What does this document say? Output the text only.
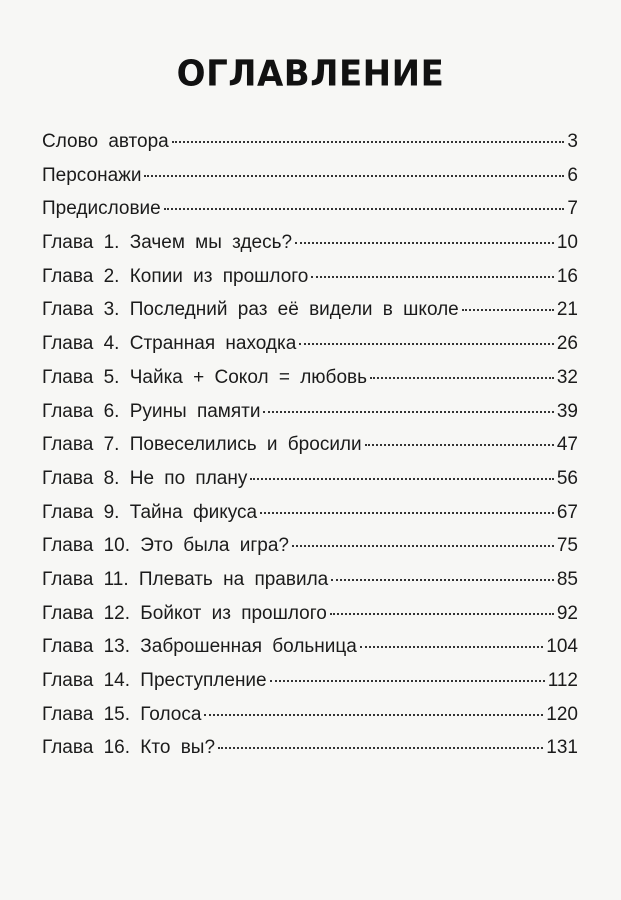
ОГЛАВЛЕНИЕ
Слово автора	3
Персонажи	6
Предисловие	7
Глава 1. Зачем мы здесь?	10
Глава 2. Копии из прошлого	16
Глава 3. Последний раз её видели в школе	21
Глава 4. Странная находка	26
Глава 5. Чайка + Сокол = любовь	32
Глава 6. Руины памяти	39
Глава 7. Повеселились и бросили	47
Глава 8. Не по плану	56
Глава 9. Тайна фикуса	67
Глава 10. Это была игра?	75
Глава 11. Плевать на правила	85
Глава 12. Бойкот из прошлого	92
Глава 13. Заброшенная больница	104
Глава 14. Преступление	112
Глава 15. Голоса	120
Глава 16. Кто вы?	131
